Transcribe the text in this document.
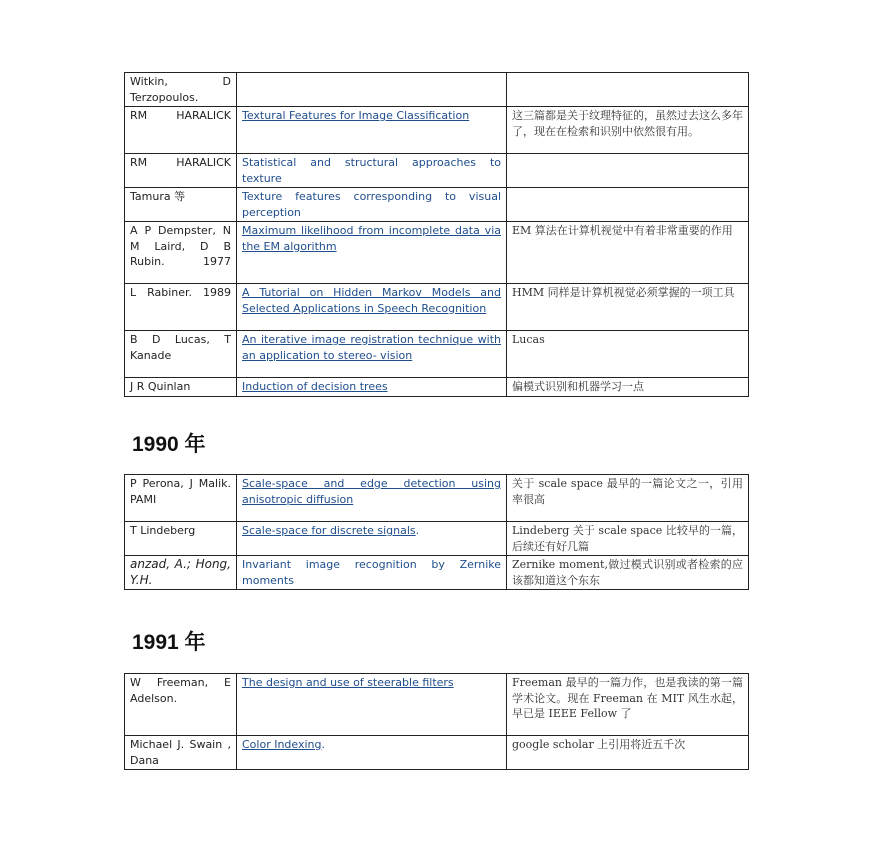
Witkin, D Terzopoulos.		
RM HARALICK	Textural Features for Image Classification	这三篇都是关于纹理特征的，虽然过去这么多年了，现在在检索和识别中依然很有用。
RM HARALICK	Statistical and structural approaches to texture	
Tamura 等	Texture features corresponding to visual perception	
A P Dempster, N M Laird, D B Rubin. 1977	Maximum likelihood from incomplete data via the EM algorithm	EM 算法在计算机视觉中有着非常重要的作用
L Rabiner. 1989	A Tutorial on Hidden Markov Models and Selected Applications in Speech Recognition	HMM 同样是计算机视觉必须掌握的一项工具
B D Lucas, T Kanade	An iterative image registration technique with an application to stereo- vision	Lucas
J R Quinlan	Induction of decision trees	偏模式识别和机器学习一点
1990 年
P Perona, J Malik. PAMI	Scale-space and edge detection using anisotropic diffusion	关于 scale space 最早的一篇论文之一，引用率很高
T Lindeberg	Scale-space for discrete signals.	Lindeberg 关于 scale space 比较早的一篇，后续还有好几篇
anzad, A.; Hong, Y.H.	Invariant image recognition by Zernike moments	Zernike moment,做过模式识别或者检索的应该都知道这个东东
1991 年
W Freeman, E Adelson.	The design and use of steerable filters	Freeman 最早的一篇力作，也是我读的第一篇学术论文。现在 Freeman 在 MIT 风生水起，早已是 IEEE Fellow 了
Michael J. Swain , Dana	Color Indexing.	google scholar 上引用将近五千次
